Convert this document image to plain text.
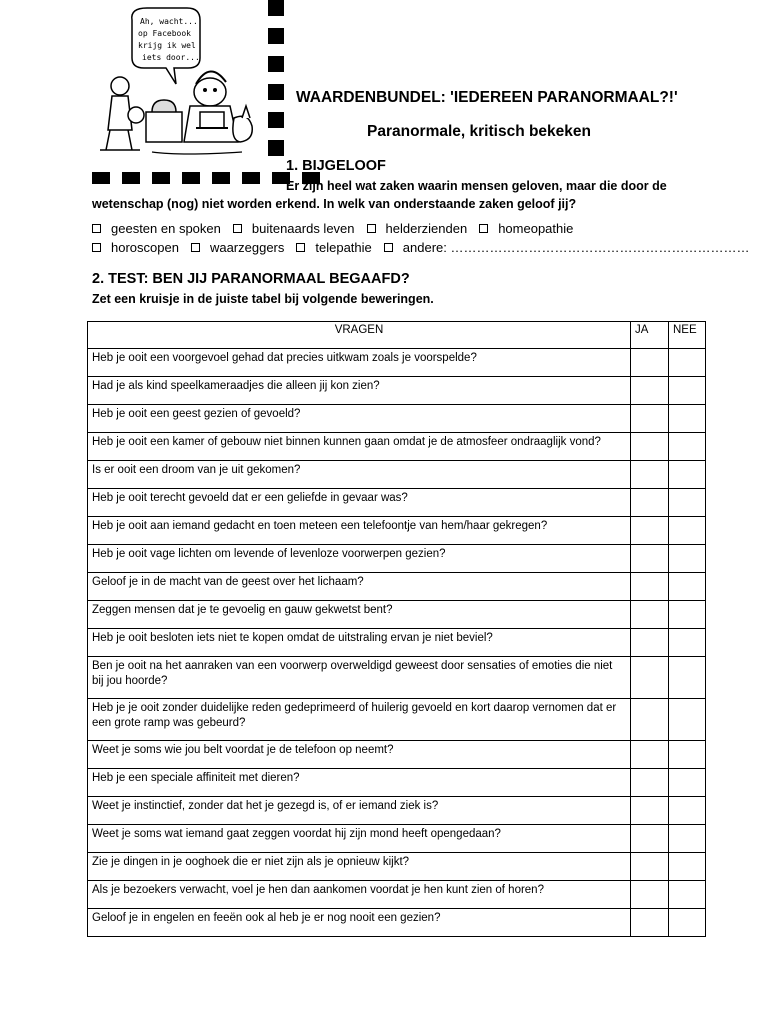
Ah, wacht...
op Facebook
krijg ik wel
iets door...
WAARDENBUNDEL: 'IEDEREEN PARANORMAAL?!'
Paranormale, kritisch bekeken
1. BIJGELOOF
Er zijn heel wat zaken waarin mensen geloven, maar die door de
wetenschap (nog) niet worden erkend. In welk van onderstaande zaken geloof jij?
geesten en spoken buitenaards leven helderzienden homeopathie
horoscopen waarzeggers telepathie andere: ……………………………………………………………
2. TEST: BEN JIJ PARANORMAAL BEGAAFD?
Zet een kruisje in de juiste tabel bij volgende beweringen.
VRAGEN	JA	NEE
Heb je ooit een voorgevoel gehad dat precies uitkwam zoals je voorspelde?		
Had je als kind speelkameraadjes die alleen jij kon zien?		
Heb je ooit een geest gezien of gevoeld?		
Heb je ooit een kamer of gebouw niet binnen kunnen gaan omdat je de atmosfeer ondraaglijk vond?		
Is er ooit een droom van je uit gekomen?		
Heb je ooit terecht gevoeld dat er een geliefde in gevaar was?		
Heb je ooit aan iemand gedacht en toen meteen een telefoontje van hem/haar gekregen?		
Heb je ooit vage lichten om levende of levenloze voorwerpen gezien?		
Geloof je in de macht van de geest over het lichaam?		
Zeggen mensen dat je te gevoelig en gauw gekwetst bent?		
Heb je ooit besloten iets niet te kopen omdat de uitstraling ervan je niet beviel?		
Ben je ooit na het aanraken van een voorwerp overweldigd geweest door sensaties of emoties die niet bij jou hoorde?		
Heb je je ooit zonder duidelijke reden gedeprimeerd of huilerig gevoeld en kort daarop vernomen dat er een grote ramp was gebeurd?		
Weet je soms wie jou belt voordat je de telefoon op neemt?		
Heb je een speciale affiniteit met dieren?		
Weet je instinctief, zonder dat het je gezegd is, of er iemand ziek is?		
Weet je soms wat iemand gaat zeggen voordat hij zijn mond heeft opengedaan?		
Zie je dingen in je ooghoek die er niet zijn als je opnieuw kijkt?		
Als je bezoekers verwacht, voel je hen dan aankomen voordat je hen kunt zien of horen?		
Geloof je in engelen en feeën ook al heb je er nog nooit een gezien?		
